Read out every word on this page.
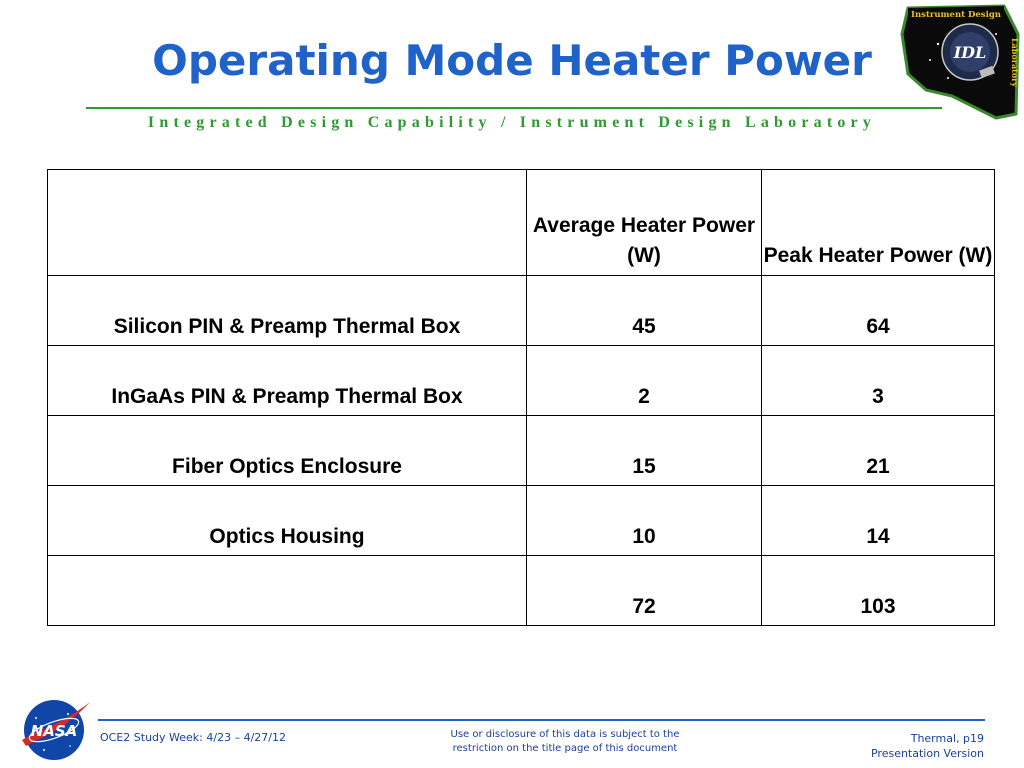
Operating Mode Heater Power
Integrated Design Capability / Instrument Design Laboratory
Instrument Design
Laboratory
IDL
	Average Heater Power (W)	Peak Heater Power (W)
Silicon PIN & Preamp Thermal Box	45	64
InGaAs PIN & Preamp Thermal Box	2	3
Fiber Optics Enclosure	15	21
Optics Housing	10	14
	72	103
NASA OCE2 Study Week: 4/23 – 4/27/12	Use or disclosure of this data is subject to the
restriction on the title page of this document
Thermal, p19
Presentation Version
